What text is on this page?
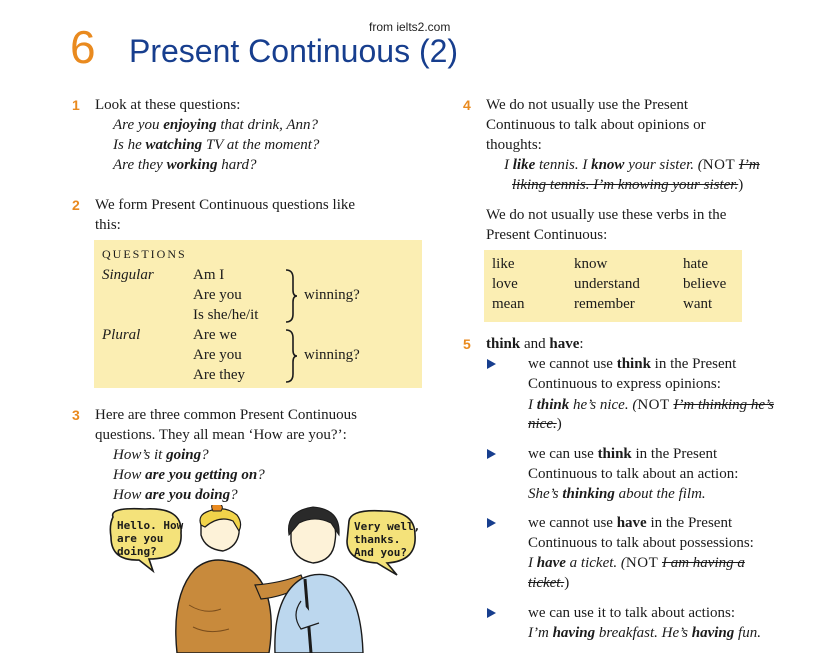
from ielts2.com
6 Present Continuous (2)
1 Look at these questions:
Are you enjoying that drink, Ann?
Is he watching TV at the moment?
Are they working hard?
2 We form Present Continuous questions like
this:
QUESTIONS
Singular	Am I
Are you
Is she/he/it
winning?
Plural	Are we
Are you
Are they
winning?
3 Here are three common Present Continuous
questions. They all mean ‘How are you?’:
How’s it going?
How are you getting on?
How are you doing?
Hello. How
are you
doing?
Very well,
thanks.
And you?
4 We do not usually use the Present
Continuous to talk about opinions or
thoughts:
I like tennis. I know your sister. (NOT I’m
liking tennis. I’m knowing your sister.)
We do not usually use these verbs in the
Present Continuous:
like	know	hate
love	understand	believe
mean	remember	want
5 think and have:
we cannot use think in the Present
Continuous to express opinions:
I think he’s nice. (NOT I’m thinking he’s
nice.)
we can use think in the Present
Continuous to talk about an action:
She’s thinking about the film.
we cannot use have in the Present
Continuous to talk about possessions:
I have a ticket. (NOT I am having a
ticket.)
we can use it to talk about actions:
I’m having breakfast. He’s having fun.
